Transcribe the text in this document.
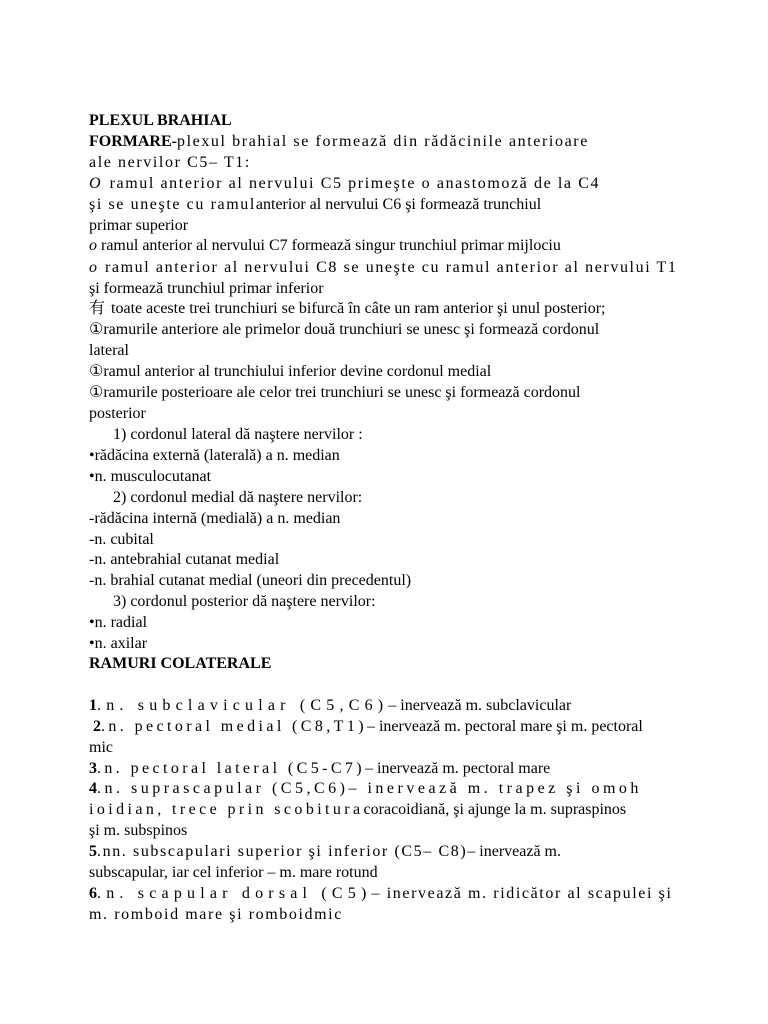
PLEXUL BRAHIAL

FORMARE-plexul brahial se formează din rădăcinile anterioare

ale nervilor C5– T1:

O ramul anterior al nervului C5 primeşte o anastomoză de la C4

şi se uneşte cu ramulanterior al nervului C6 şi formează trunchiul

primar superior

o ramul anterior al nervului C7 formează singur trunchiul primar mijlociu

o ramul anterior al nervului C8 se uneşte cu ramul anterior al nervului T1

şi formează trunchiul primar inferior

有 toate aceste trei trunchiuri se bifurcă în câte un ram anterior şi unul posterior;

①ramurile anteriore ale primelor două trunchiuri se unesc şi formează cordonul

lateral

①ramul anterior al trunchiului inferior devine cordonul medial

①ramurile posterioare ale celor trei trunchiuri se unesc şi formează cordonul

posterior

1) cordonul lateral dă naştere nervilor :

•rădăcina externă (laterală) a n. median

•n. musculocutanat

2) cordonul medial dă naştere nervilor:

-rădăcina internă (medială) a n. median

-n. cubital

-n. antebrahial cutanat medial

-n. brahial cutanat medial (uneori din precedentul)

3) cordonul posterior dă naştere nervilor:

•n. radial

•n. axilar

RAMURI COLATERALE

1.n. subclavicular (C5,C6)– inervează m. subclavicular

2.n. pectoral medial (C8,T1)– inervează m. pectoral mare şi m. pectoral

mic

3.n. pectoral lateral (C5-C7)– inervează m. pectoral mare

4.n. suprascapular (C5,C6)– inervează m. trapez şi omoh

ioidian, trece prin scobituracoracoidiană, şi ajunge la m. supraspinos

şi m. subspinos

5.nn. subscapulari superior şi inferior (C5– C8)– inervează m.

subscapular, iar cel inferior – m. mare rotund

6.n. scapular dorsal (C5)– inervează m. ridicător al scapulei şi

m. romboid mare şi romboidmic
